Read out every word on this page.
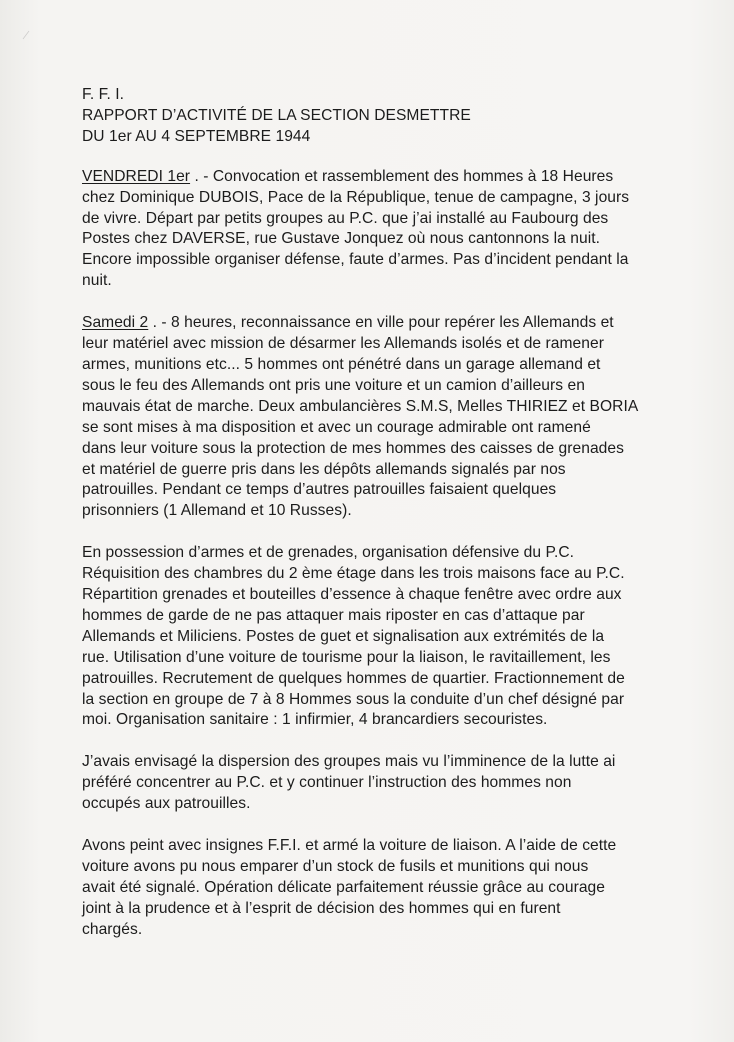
F. F. I.
RAPPORT D’ACTIVITÉ DE LA SECTION DESMETTRE
DU 1er AU 4 SEPTEMBRE 1944
VENDREDI 1er . - Convocation et rassemblement des hommes à 18 Heures
chez Dominique DUBOIS, Pace de la République, tenue de campagne, 3 jours
de vivre. Départ par petits groupes au P.C. que j’ai installé au Faubourg des
Postes chez DAVERSE, rue Gustave Jonquez où nous cantonnons la nuit.
Encore impossible organiser défense, faute d’armes. Pas d’incident pendant la
nuit.
Samedi 2 . - 8 heures, reconnaissance en ville pour repérer les Allemands et
leur matériel avec mission de désarmer les Allemands isolés et de ramener
armes, munitions etc... 5 hommes ont pénétré dans un garage allemand et
sous le feu des Allemands ont pris une voiture et un camion d’ailleurs en
mauvais état de marche. Deux ambulancières S.M.S, Melles THIRIEZ et BORIA
se sont mises à ma disposition et avec un courage admirable ont ramené
dans leur voiture sous la protection de mes hommes des caisses de grenades
et matériel de guerre pris dans les dépôts allemands signalés par nos
patrouilles. Pendant ce temps d’autres patrouilles faisaient quelques
prisonniers (1 Allemand et 10 Russes).
En possession d’armes et de grenades, organisation défensive du P.C.
Réquisition des chambres du 2 ème étage dans les trois maisons face au P.C.
Répartition grenades et bouteilles d’essence à chaque fenêtre avec ordre aux
hommes de garde de ne pas attaquer mais riposter en cas d’attaque par
Allemands et Miliciens. Postes de guet et signalisation aux extrémités de la
rue. Utilisation d’une voiture de tourisme pour la liaison, le ravitaillement, les
patrouilles. Recrutement de quelques hommes de quartier. Fractionnement de
la section en groupe de 7 à 8 Hommes sous la conduite d’un chef désigné par
moi. Organisation sanitaire : 1 infirmier, 4 brancardiers secouristes.
J’avais envisagé la dispersion des groupes mais vu l’imminence de la lutte ai
préféré concentrer au P.C. et y continuer l’instruction des hommes non
occupés aux patrouilles.
Avons peint avec insignes F.F.I. et armé la voiture de liaison. A l’aide de cette
voiture avons pu nous emparer d’un stock de fusils et munitions qui nous
avait été signalé. Opération délicate parfaitement réussie grâce au courage
joint à la prudence et à l’esprit de décision des hommes qui en furent
chargés.
